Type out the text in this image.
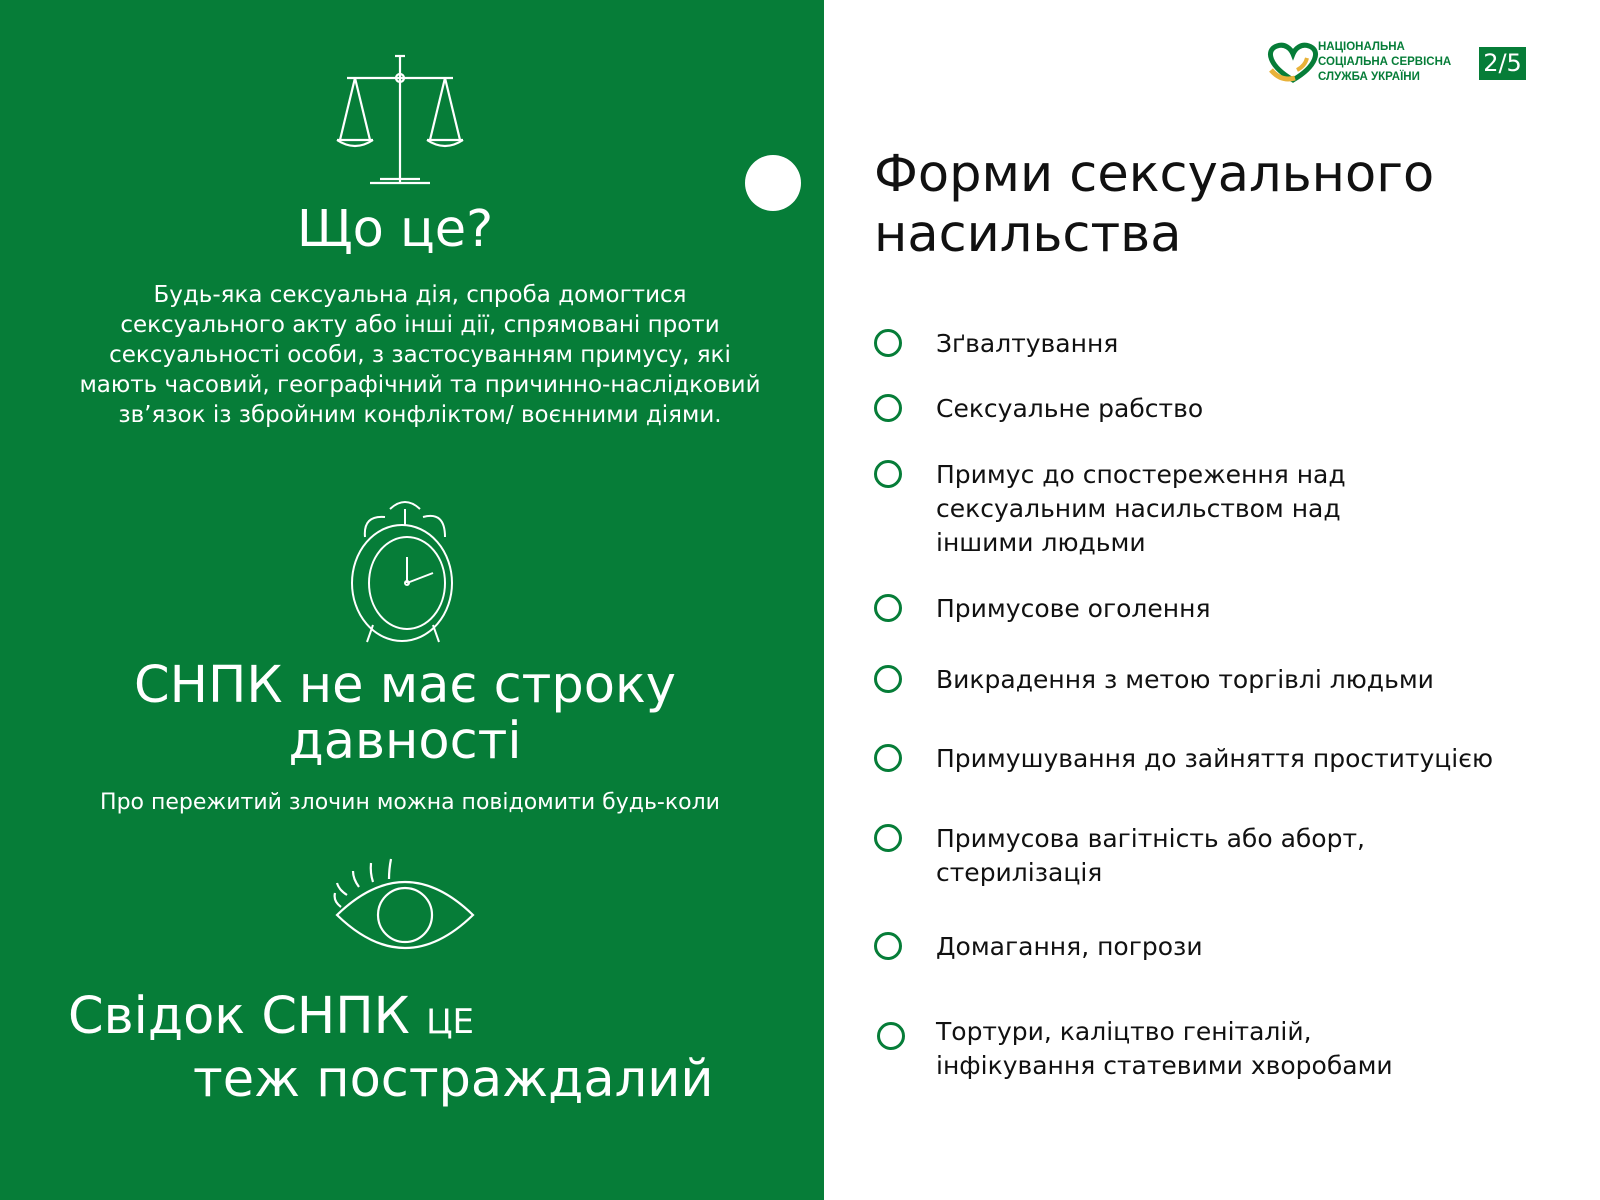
Що це?
Будь-яка сексуальна дія, спроба домогтися сексуального акту або інші дії, спрямовані проти сексуальності особи, з застосуванням примусу, які мають часовий, географічний та причинно-наслідковий зв’язок із збройним конфліктом/ воєнними діями.
СНПК не має строку
давності
Про пережитий злочин можна повідомити будь-коли
Свідок СНПК ЦЕ
теж постраждалий
НАЦІОНАЛЬНА
СОЦІАЛЬНА СЕРВІСНА
СЛУЖБА УКРАЇНИ	2/5
Форми сексуального
насильства
Зґвалтування
Сексуальне рабство
Примус до спостереження над сексуальним насильством над іншими людьми
Примусове оголення
Викрадення з метою торгівлі людьми
Примушування до зайняття проституцією
Примусова вагітність або аборт, стерилізація
Домагання, погрози
Тортури, каліцтво геніталій, інфікування статевими хворобами
